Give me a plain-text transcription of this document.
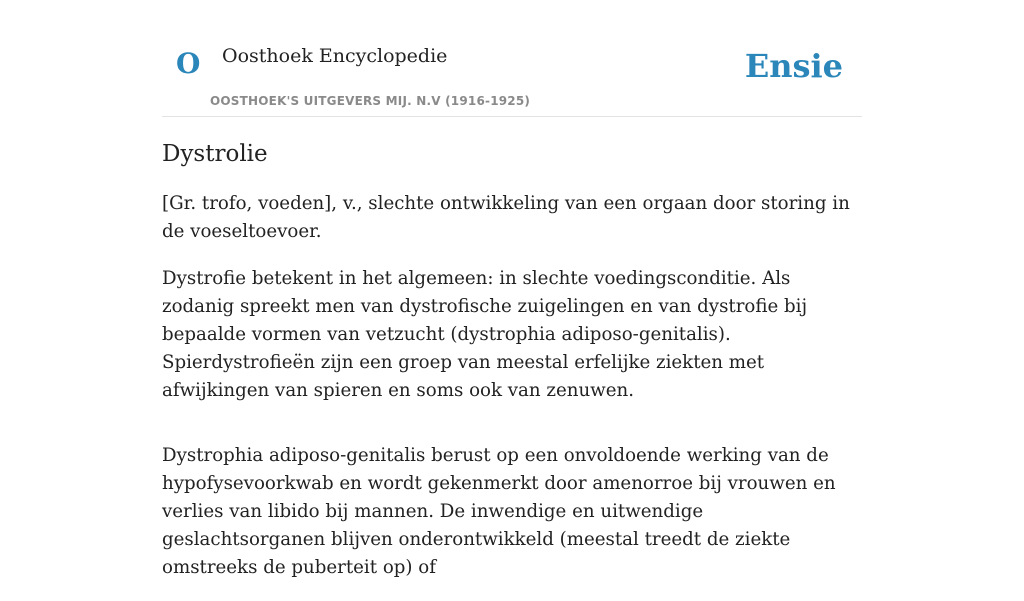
O Oosthoek Encyclopedie
OOSTHOEK'S UITGEVERS MIJ. N.V (1916-1925)
Ensie
Dystrolie

[Gr. trofo, voeden], v., slechte ontwikkeling van een orgaan door storing in de voeseltoevoer.

Dystrofie betekent in het algemeen: in slechte voedingsconditie. Als zodanig spreekt men van dystrofische zuigelingen en van dystrofie bij bepaalde vormen van vetzucht (dystrophia adiposo-genitalis). Spierdystrofieën zijn een groep van meestal erfelijke ziekten met afwijkingen van spieren en soms ook van zenuwen.

Dystrophia adiposo-genitalis berust op een onvoldoende werking van de hypofysevoorkwab en wordt gekenmerkt door amenorroe bij vrouwen en verlies van libido bij mannen. De inwendige en uitwendige geslachtsorganen blijven onderontwikkeld (meestal treedt de ziekte omstreeks de puberteit op) of
